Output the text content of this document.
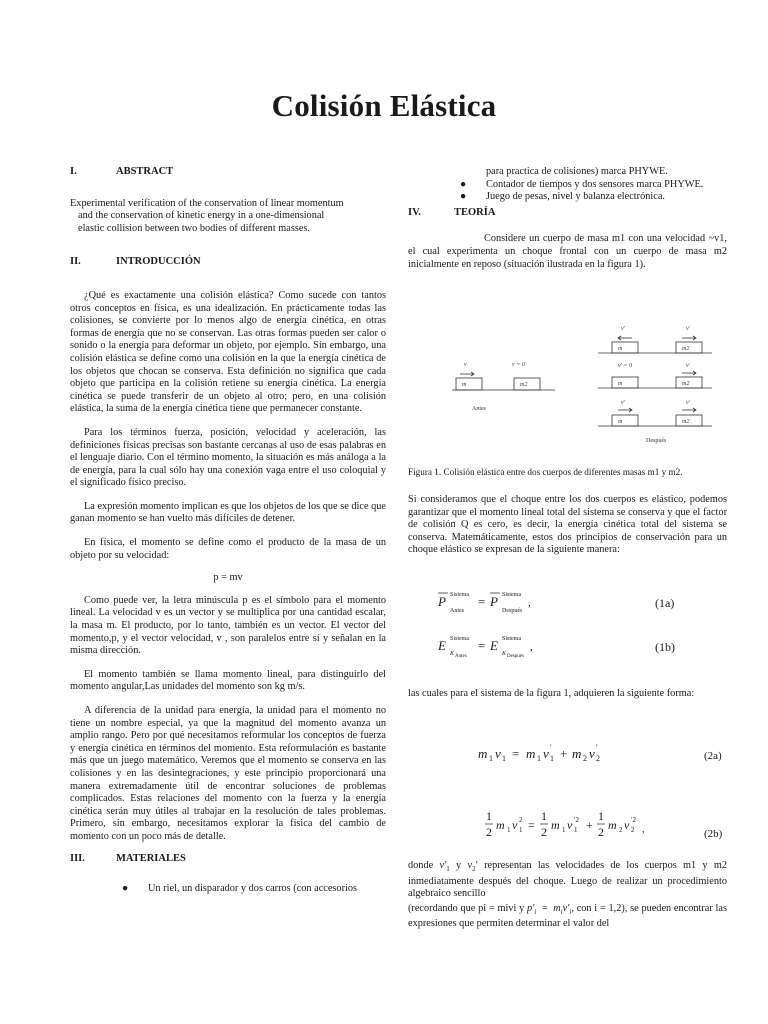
Colisión Elástica
I.	ABSTRACT
Experimental verification of the conservation of linear momentum
and the conservation of kinetic energy in a one-dimensional
elastic collision between two bodies of different masses.
II.	INTRODUCCIÓN

¿Qué es exactamente una colisión elástica? Como sucede con tantos otros conceptos en física, es una idealización. En prácticamente todas las colisiones, se convierte por lo menos algo de energía cinética, en otras formas de energía que no se conservan. Las otras formas pueden ser calor o sonido o la energía para deformar un objeto, por ejemplo. Sin embargo, una colisión elástica se define como una colisión en la que la energía cinética de los objetos que chocan se conserva. Esta definición no significa que cada objeto que participa en la colisión retiene su energía cinética. La energía cinética se puede transferir de un objeto al otro; pero, en una colisión elástica, la suma de la energía cinética tiene que permanecer constante.

Para los términos fuerza, posición, velocidad y aceleración, las definiciones físicas precisas son bastante cercanas al uso de esas palabras en el lenguaje diario. Con el término momento, la situación es más análoga a la de energía, para la cual sólo hay una conexión vaga entre el uso coloquial y el significado físico preciso.

La expresión momento implican es que los objetos de los que se dice que ganan momento se han vuelto más difíciles de detener.

En física, el momento se define como el producto de la masa de un objeto por su velocidad:

p = mv

Como puede ver, la letra minúscula p es el símbolo para el momento lineal. La velocidad v es un vector y se multiplica por una cantidad escalar, la masa m. El producto, por lo tanto, también es un vector. El vector del momento,p, y el vector velocidad, v , son paralelos entre sí y señalan en la misma dirección.

El momento también se llama momento lineal, para distinguirlo del momento angular,Las unidades del momento son kg m/s.

A diferencia de la unidad para energía, la unidad para el momento no tiene un nombre especial, ya que la magnitud del momento avanza un amplio rango. Pero por qué necesitamos reformular los conceptos de fuerza y energía cinética en términos del momento. Esta reformulación es bastante más que un juego matemático. Veremos que el momento se conserva en las colisiones y en las desintegraciones, y este principio proporcionará una manera extremadamente útil de encontrar soluciones de problemas complicados. Estas relaciones del momento con la fuerza y la energía cinética serán muy útiles al trabajar en la resolución de tales problemas. Primero, sin embargo, necesitamos explorar la física del cambio de momento con un poco más de detalle.

III.	MATERIALES
● Un riel, un disparador y dos carros (con accesorios
para practica de colisiones) marca PHYWE.
● Contador de tiempos y dos sensores marca PHYWE.
● Juego de pesas, nivel y balanza electrónica.
IV.	TEORÍA

Considere un cuerpo de masa m1 con una velocidad ~v1, el cual experimenta un choque frontal con un cuerpo de masa m2 inicialmente en reposo (situación ilustrada en la figura 1).

m	m2
v	v = 0
m	m2
v'	v'
m	m2
v' = 0	v'
m	m2
v'	v'
Antes
Después
Figura 1. Colisión elástica entre dos cuerpos de diferentes masas m1 y m2.

Si consideramos que el choque entre los dos cuerpos es elástico, podemos garantizar que el momento lineal total del sistema se conserva y que el factor de colisión Q es cero, es decir, la energía cinética total del sistema se conserva. Matemáticamente, estos dos principios de conservación para un choque elástico se expresan de la siguiente manera:

P Sistema
Antes
= P Sistema
Después
,	(1a)
E Sistema
K Antes
= E Sistema
K Después
,	(1b)

las cuales para el sistema de la figura 1, adquieren la siguiente forma:

m 1 v 1 = m 1 v 1
′ + m 2 v 2
′
(2a)
1
2 m 1 v 1
2 =
1
2 m 1 v 1
′2 +
1
2 m 2 v 2
′2
,	(2b)

donde $v'_1$ y $v_2'$ representan las velocidades de los cuerpos m1 y m2 inmediatamente después del choque. Luego de realizar un procedimiento algebraico sencillo

(recordando que pi = mivi y $p'_i = m_iv'_i$, con i = 1,2), se pueden encontrar las expresiones que permiten determinar el valor del
